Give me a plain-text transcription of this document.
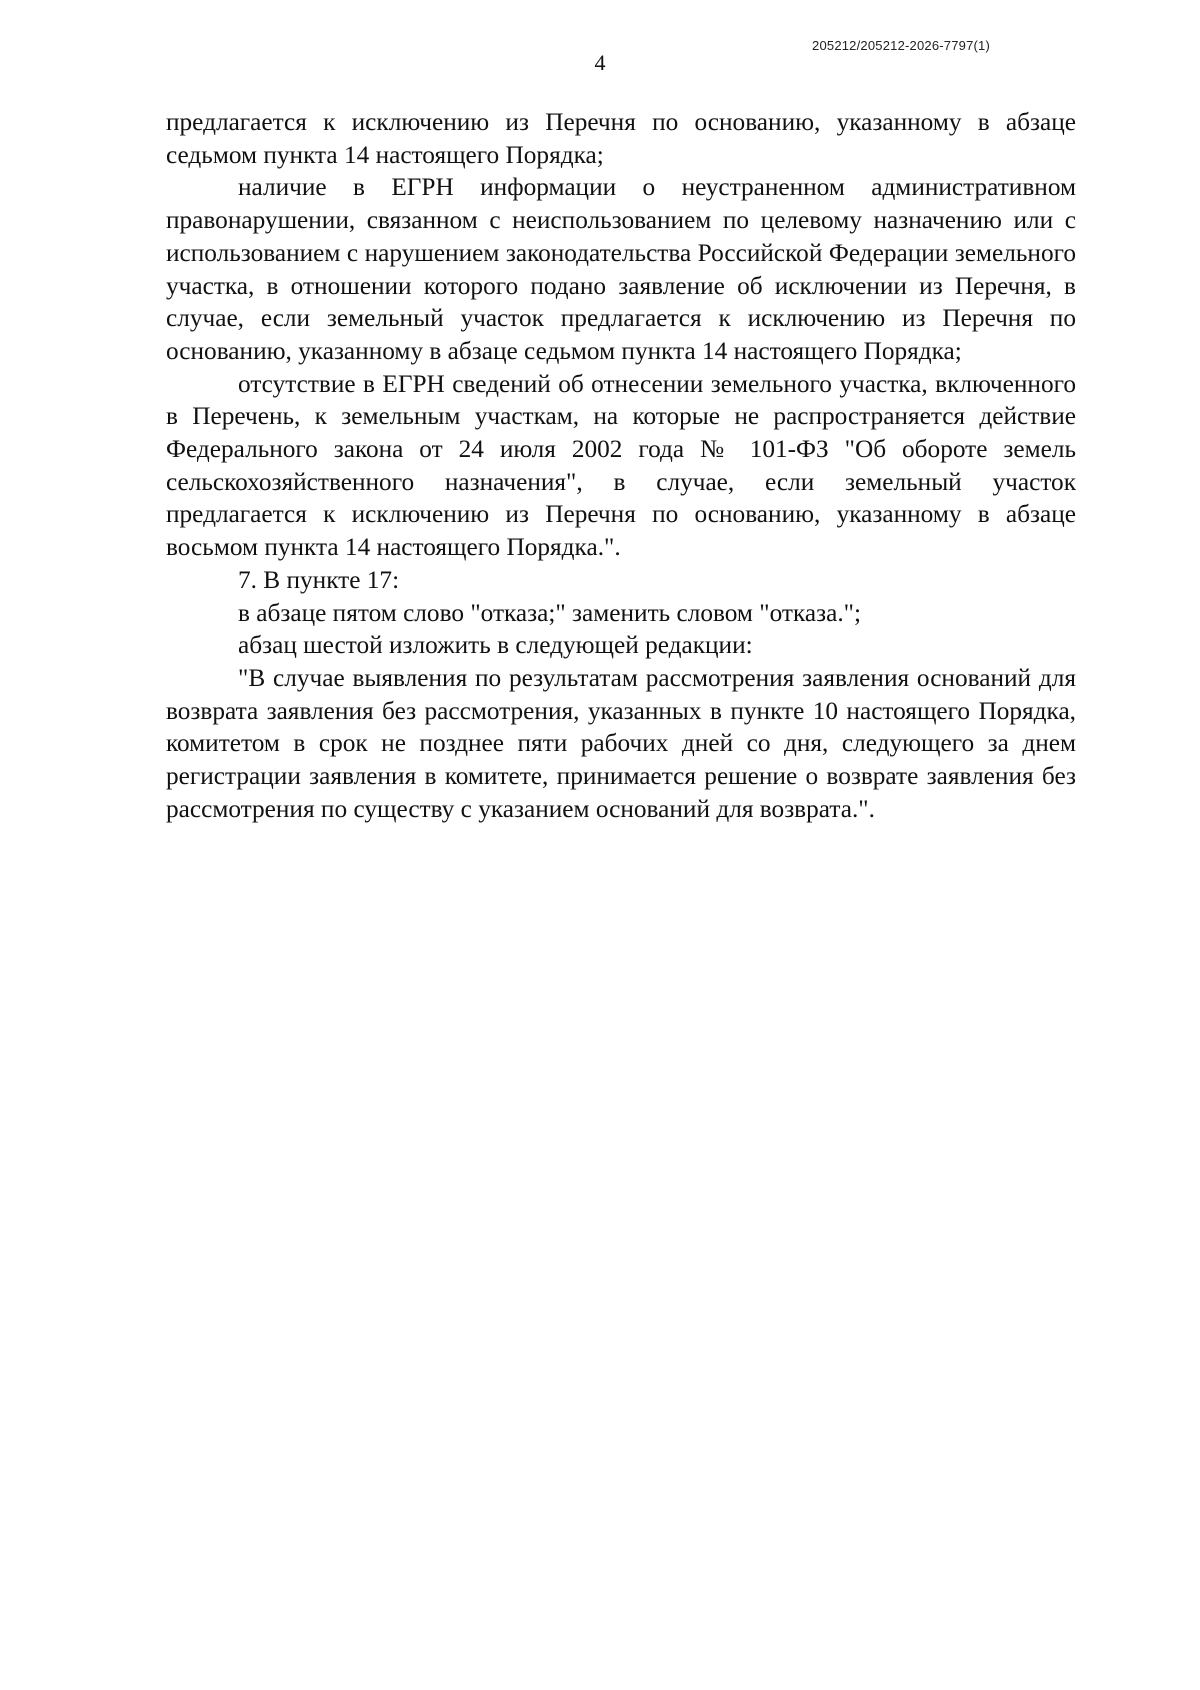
205212/205212-2026-7797(1)
4

предлагается к исключению из Перечня по основанию, указанному в абзаце седьмом пункта 14 настоящего Порядка;

наличие в ЕГРН информации о неустраненном административном правонарушении, связанном с неиспользованием по целевому назначению или с использованием с нарушением законодательства Российской Федерации земельного участка, в отношении которого подано заявление об исключении из Перечня, в случае, если земельный участок предлагается к исключению из Перечня по основанию, указанному в абзаце седьмом пункта 14 настоящего Порядка;

отсутствие в ЕГРН сведений об отнесении земельного участка, включенного в Перечень, к земельным участкам, на которые не распространяется действие Федерального закона от 24 июля 2002 года № 101-ФЗ "Об обороте земель сельскохозяйственного назначения", в случае, если земельный участок предлагается к исключению из Перечня по основанию, указанному в абзаце восьмом пункта 14 настоящего Порядка.".

7. В пункте 17:

в абзаце пятом слово "отказа;" заменить словом "отказа.";

абзац шестой изложить в следующей редакции:

"В случае выявления по результатам рассмотрения заявления оснований для возврата заявления без рассмотрения, указанных в пункте 10 настоящего Порядка, комитетом в срок не позднее пяти рабочих дней со дня, следующего за днем регистрации заявления в комитете, принимается решение о возврате заявления без рассмотрения по существу с указанием оснований для возврата.".
